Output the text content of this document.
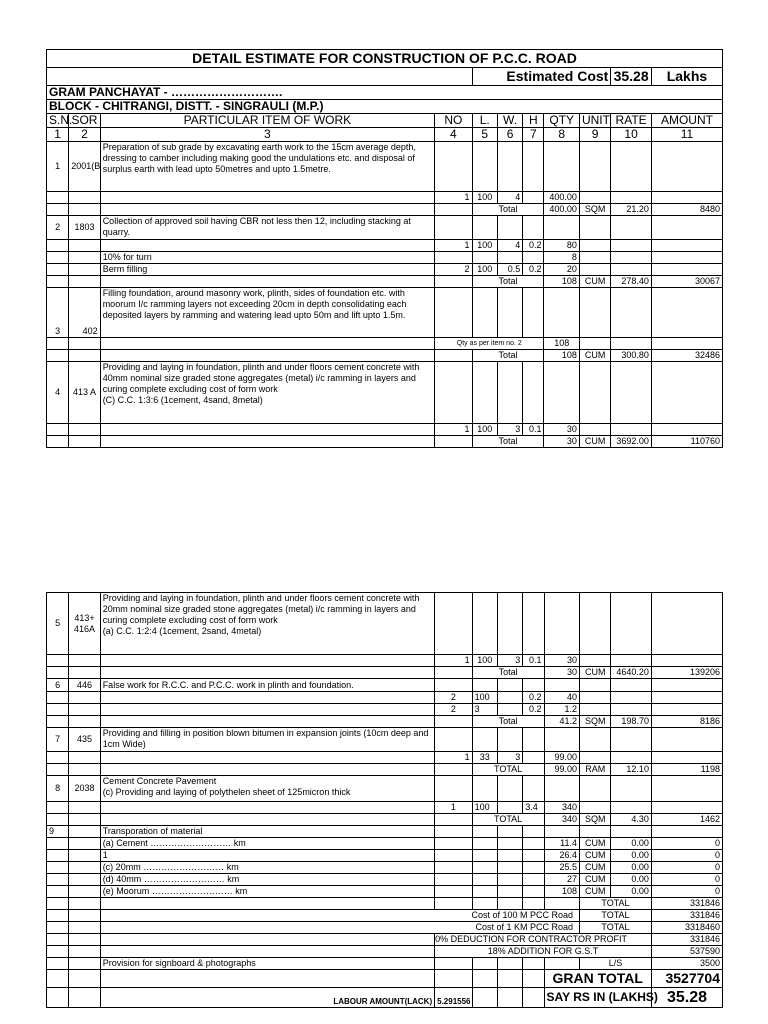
DETAIL ESTIMATE FOR CONSTRUCTION OF P.C.C. ROAD										
				Estimated Cost					35.28	Lakhs
GRAM PANCHAYAT - ……………………….										
BLOCK - CHITRANGI, DISTT. - SINGRAULI (M.P.)										
S.N.	SOR	PARTICULAR ITEM OF WORK	NO	L.	W.	H	QTY	UNIT	RATE	AMOUNT
1	2	3	4	5	6	7	8	9	10	11
1	2001(B	Preparation of sub grade by excavating earth work to the 15cm average depth, dressing to camber including making good the undulations etc. and disposal of surplus earth with lead upto 50metres and upto 1.5metre.								
			1	100	4		400.00			
				Total			400.00	SQM	21.20	8480
2	1803	Collection of approved soil having CBR not less then 12, including stacking at quarry.								
			1	100	4	0.2	80			
		10% for turn					8			
		Berm filling	2	100	0.5	0.2	20			
				Total			108	CUM	278.40	30067
3	402	Filling foundation, around masonry work, plinth, sides of foundation etc. with moorum I/c ramming layers not exceeding 20cm in depth consolidating each deposited layers by ramming and watering lead upto 50m and lift upto 1.5m.								
			Qty as per item no. 2				108			
				Total			108	CUM	300.80	32486
4	413 A	Providing and laying in foundation, plinth and under floors cement concrete with 40mm nominal size graded stone aggregates (metal) i/c ramming in layers and curing complete excluding cost of form work
(C) C.C. 1:3:6 (1cement, 4sand, 8metal)								

			1	100	3	0.1	30			
				Total			30	CUM	3692.00	110760
5	413+ 416A	Providing and laying in foundation, plinth and under floors cement concrete with 20mm nominal size graded stone aggregates (metal) i/c ramming in layers and curing complete excluding cost of form work
(a) C.C. 1:2:4 (1cement, 2sand, 4metal)								

			1	100	3	0.1	30			
				Total			30	CUM	4640.20	139206
6	446	False work for R.C.C. and P.C.C. work in plinth and foundation.								
			2	100		0.2	40			
			2	3		0.2	1.2			
				Total			41.2	SQM	198.70	8186
7	435	Providing and filling in position blown bitumen in expansion joints (10cm deep and 1cm Wide)								
			1	33	3		99.00			
				TOTAL			99.00	RAM	12.10	1198
8	2038	Cement Concrete Pavement
(c) Providing and laying of polythelen sheet of 125micron thick								

			1	100		3.4	340			
				TOTAL			340	SQM	4.30	1462
9		Transporation of material								
		(a) Cement ……………………… km					11.4	CUM	0.00	0
		1					26.4	CUM	0.00	0
		(c) 20mm ……………………… km					25.5	CUM	0.00	0
		(d) 40mm ……………………… km					27	CUM	0.00	0
		(e) Moorum ……………………… km					108	CUM	0.00	0
								TOTAL		331846
		Cost of 100 M PCC Road						TOTAL		331846
		Cost of 1 KM PCC Road						TOTAL		3318460
			0% DEDUCTION FOR CONTRACTOR PROFIT							331846
			18% ADDITION FOR G.S.T							537590
		Provision for signboard & photographs						L/S		3500
							GRAN TOTAL			3527704
		LABOUR AMOUNT(LACK)	5.291556				SAY RS IN (LAKHS)			35.28
